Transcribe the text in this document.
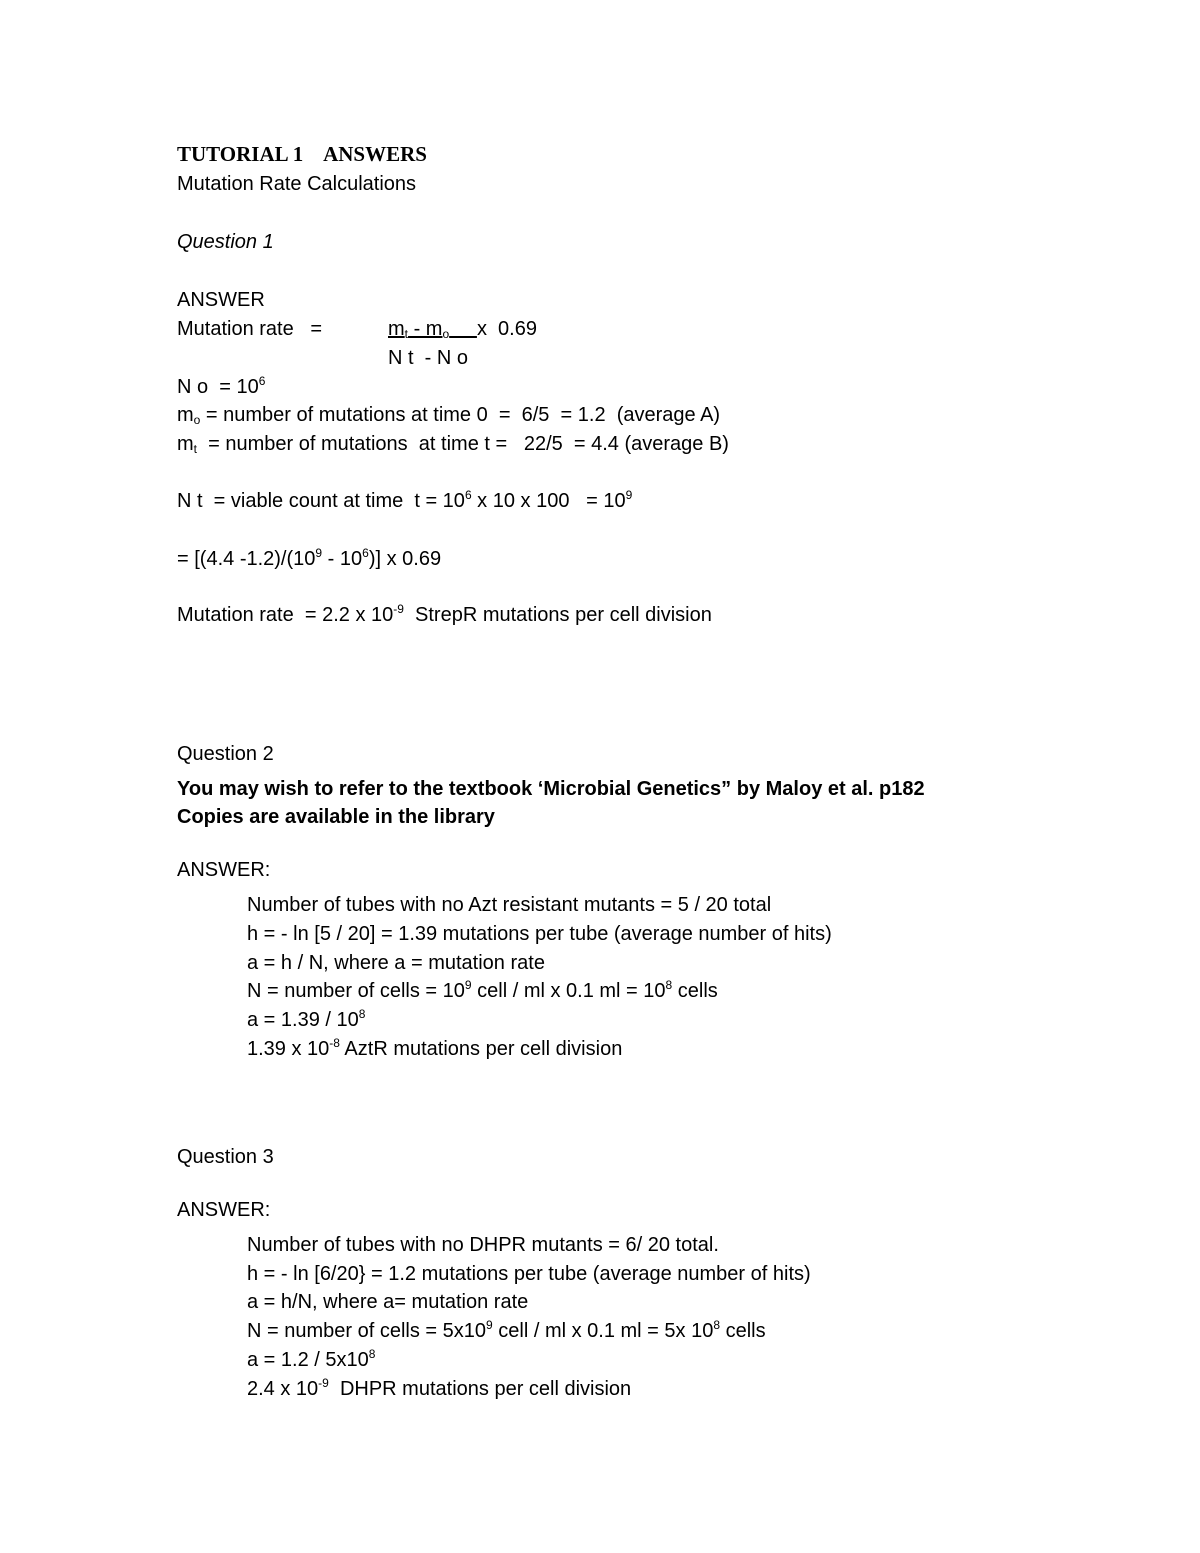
TUTORIAL 1    ANSWERS
Mutation Rate Calculations
Question 1
ANSWER
Mutation rate   =	$m_t - m_o$ x  0.69
N t  - N o
N $o = 10^6$
$m_o$ = number of mutations at time 0  =  6/5  = 1.2  (average A)
$m_t$  = number of mutations  at time t =   22/5  = 4.4 (average B)
N t  = viable count at time  $t = 10^6$ x 10 x $100 = 10^9$
= [(4.4 $-1.2)/(10^9 - 10^6)$] x 0.69
Mutation rate  = 2.2 x $10^{-9}$  StrepR mutations per cell division
Question 2
You may wish to refer to the textbook ‘Microbial Genetics” by Maloy et al. p182
Copies are available in the library
ANSWER:
Number of tubes with no Azt resistant mutants = 5 / 20 total
h = - ln [5 / 20] = 1.39 mutations per tube (average number of hits)
a = h / N, where a = mutation rate
N = number of cells = $10^9$ cell / ml x 0.1 ml = $10^8$ cells
$a = 1.39 / 10^8$
1.39 x $10^{-8}$ AztR mutations per cell division
Question 3
ANSWER:
Number of tubes with no DHPR mutants = 6/ 20 total.
h = - ln [6/20} = 1.2 mutations per tube (average number of hits)
a = h/N, where a= mutation rate
N = number of cells = $5x10^9$ cell / ml x 0.1 ml = 5x $10^8$ cells
$a = 1.2 / 5x10^8$
2.4 x $10^{-9}$  DHPR mutations per cell division
